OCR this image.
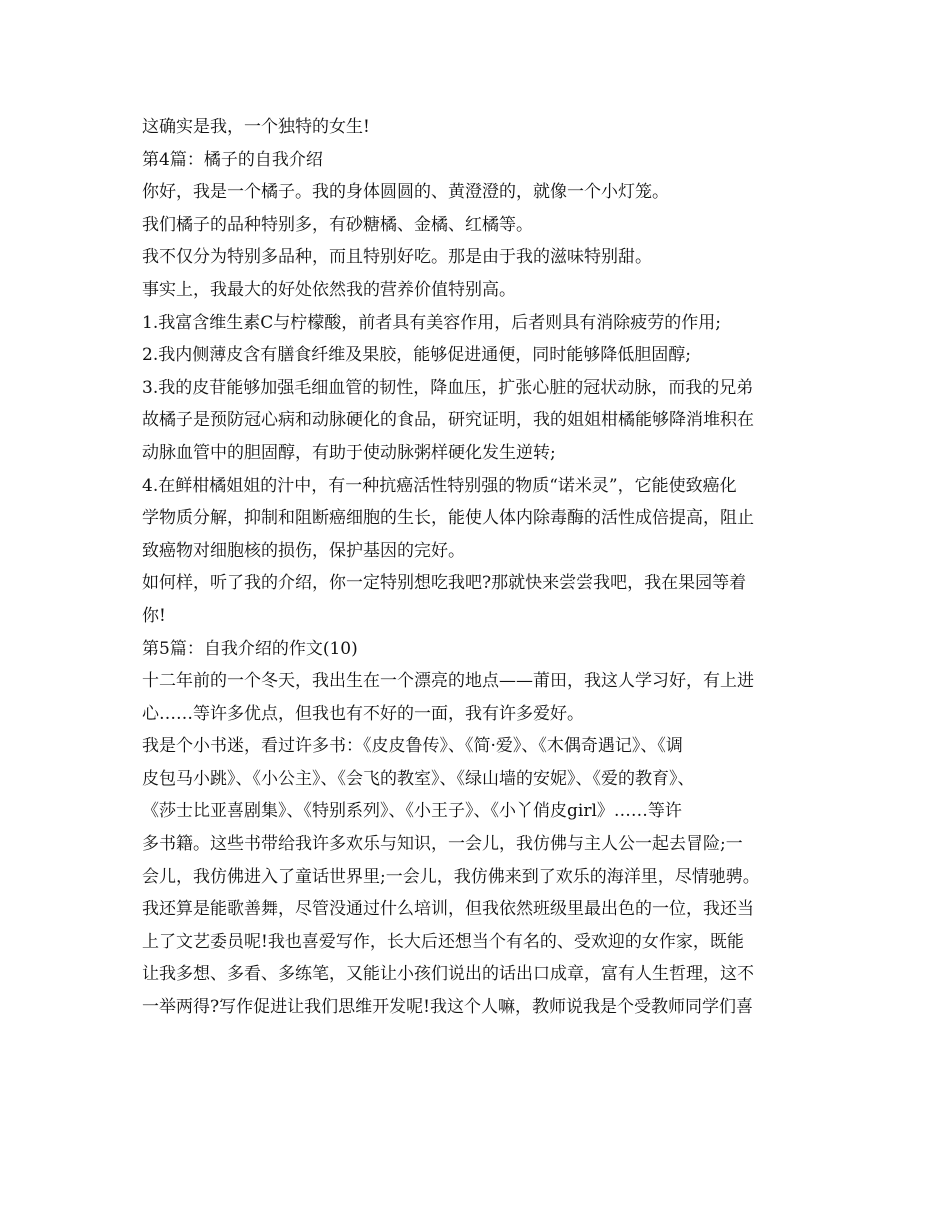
这确实是我，一个独特的女生!
第4篇：橘子的自我介绍
你好，我是一个橘子。我的身体圆圆的、黄澄澄的，就像一个小灯笼。
我们橘子的品种特别多，有砂糖橘、金橘、红橘等。
我不仅分为特别多品种，而且特别好吃。那是由于我的滋味特别甜。
事实上，我最大的好处依然我的营养价值特别高。
1.我富含维生素C与柠檬酸，前者具有美容作用，后者则具有消除疲劳的作用;
2.我内侧薄皮含有膳食纤维及果胶，能够促进通便，同时能够降低胆固醇;
3.我的皮苷能够加强毛细血管的韧性，降血压，扩张心脏的冠状动脉，而我的兄弟
故橘子是预防冠心病和动脉硬化的食品，研究证明，我的姐姐柑橘能够降消堆积在
动脉血管中的胆固醇，有助于使动脉粥样硬化发生逆转;
4.在鲜柑橘姐姐的汁中，有一种抗癌活性特别强的物质“诺米灵”，它能使致癌化
学物质分解，抑制和阻断癌细胞的生长，能使人体内除毒酶的活性成倍提高，阻止
致癌物对细胞核的损伤，保护基因的完好。
如何样，听了我的介绍，你一定特别想吃我吧?那就快来尝尝我吧，我在果园等着
你!
第5篇：自我介绍的作文(10)
十二年前的一个冬天，我出生在一个漂亮的地点——莆田，我这人学习好，有上进
心……等许多优点，但我也有不好的一面，我有许多爱好。
我是个小书迷，看过许多书：《皮皮鲁传》、《简·爱》、《木偶奇遇记》、《调
皮包马小跳》、《小公主》、《会飞的教室》、《绿山墙的安妮》、《爱的教育》、
《莎士比亚喜剧集》、《特别系列》、《小王子》、《小丫俏皮girl》……等许
多书籍。这些书带给我许多欢乐与知识，一会儿，我仿佛与主人公一起去冒险;一
会儿，我仿佛进入了童话世界里;一会儿，我仿佛来到了欢乐的海洋里，尽情驰骋。
我还算是能歌善舞，尽管没通过什么培训，但我依然班级里最出色的一位，我还当
上了文艺委员呢!我也喜爱写作，长大后还想当个有名的、受欢迎的女作家，既能
让我多想、多看、多练笔，又能让小孩们说出的话出口成章，富有人生哲理，这不
一举两得?写作促进让我们思维开发呢!我这个人嘛，教师说我是个受教师同学们喜
